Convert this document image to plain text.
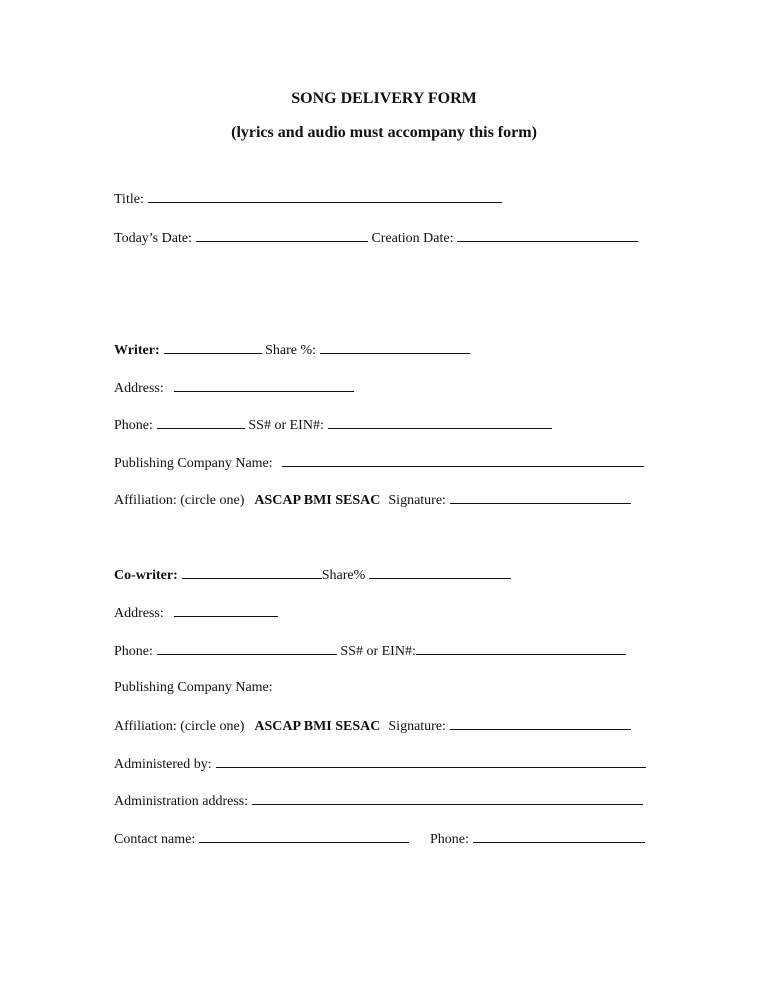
SONG DELIVERY FORM
(lyrics and audio must accompany this form)
Title:
Today’s Date:	Creation Date:
Writer:	Share %:
Address:
Phone:	SS# or EIN#:
Publishing Company Name:
Affiliation: (circle one) ASCAP BMI SESAC Signature:
Co-writer:	Share%
Address:
Phone:	SS# or EIN#:
Publishing Company Name:
Affiliation: (circle one) ASCAP BMI SESAC Signature:
Administered by:
Administration address:
Contact name:	Phone:
